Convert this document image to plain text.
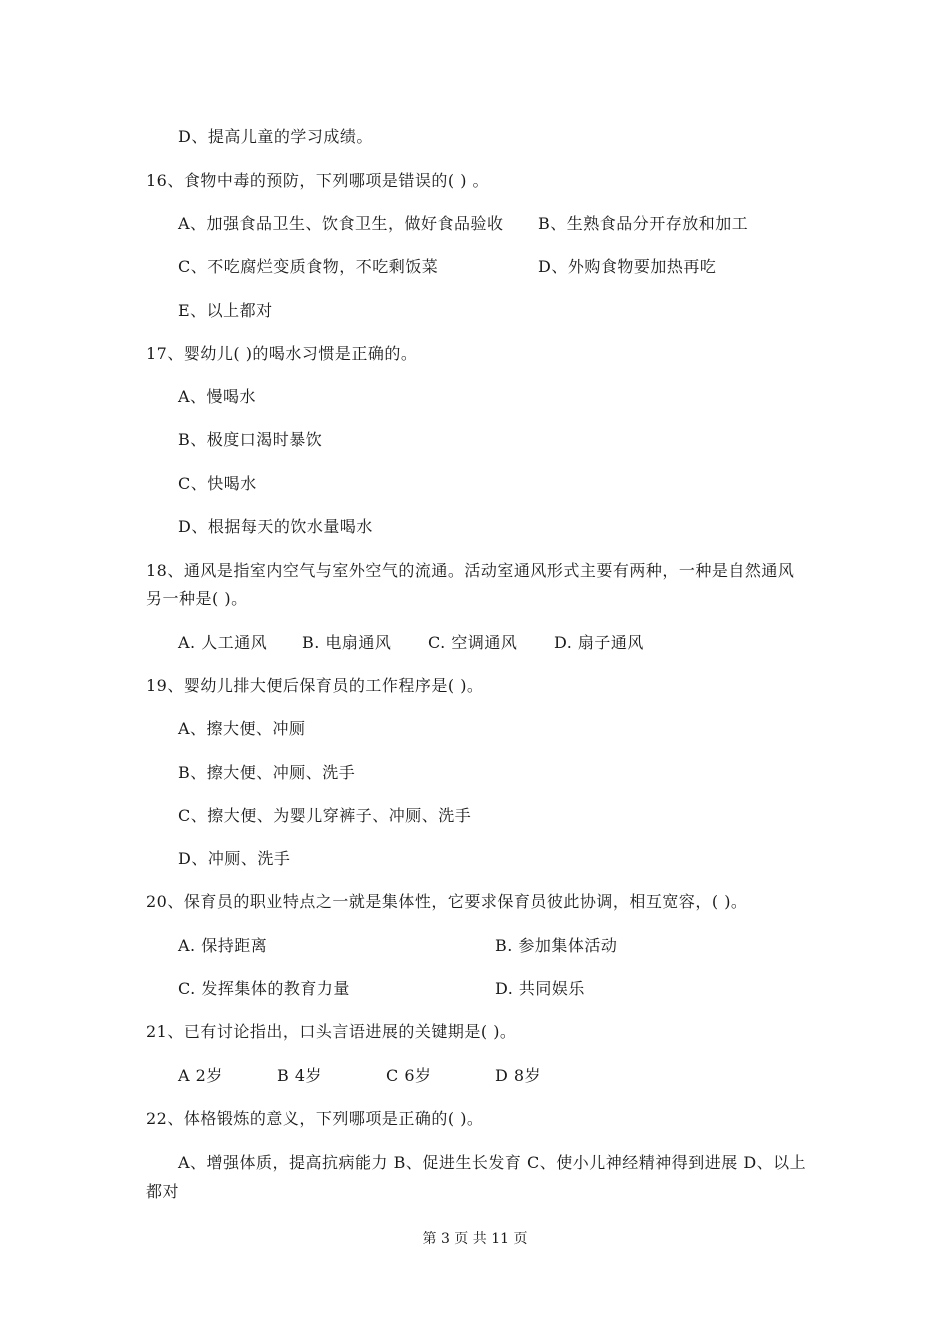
D、提高儿童的学习成绩。
16、食物中毒的预防，下列哪项是错误的( ) 。
A、加强食品卫生、饮食卫生，做好食品验收 B、生熟食品分开存放和加工
C、不吃腐烂变质食物，不吃剩饭菜	D、外购食物要加热再吃
E、以上都对
17、婴幼儿( )的喝水习惯是正确的。
A、慢喝水
B、极度口渴时暴饮
C、快喝水
D、根据每天的饮水量喝水
18、通风是指室内空气与室外空气的流通。活动室通风形式主要有两种，一种是自然通风
另一种是( )。
A. 人工通风 B. 电扇通风 C. 空调通风 D. 扇子通风
19、婴幼儿排大便后保育员的工作程序是( )。
A、擦大便、冲厕
B、擦大便、冲厕、洗手
C、擦大便、为婴儿穿裤子、冲厕、洗手
D、冲厕、洗手
20、保育员的职业特点之一就是集体性，它要求保育员彼此协调，相互宽容，( )。
A. 保持距离	B. 参加集体活动
C. 发挥集体的教育力量	D. 共同娱乐
21、已有讨论指出，口头言语进展的关键期是( )。
A 2岁	B 4岁	C 6岁	D 8岁
22、体格锻炼的意义，下列哪项是正确的( )。
A、增强体质，提高抗病能力 B、促进生长发育 C、使小儿神经精神得到进展 D、以上
都对
第 3 页 共 11 页
